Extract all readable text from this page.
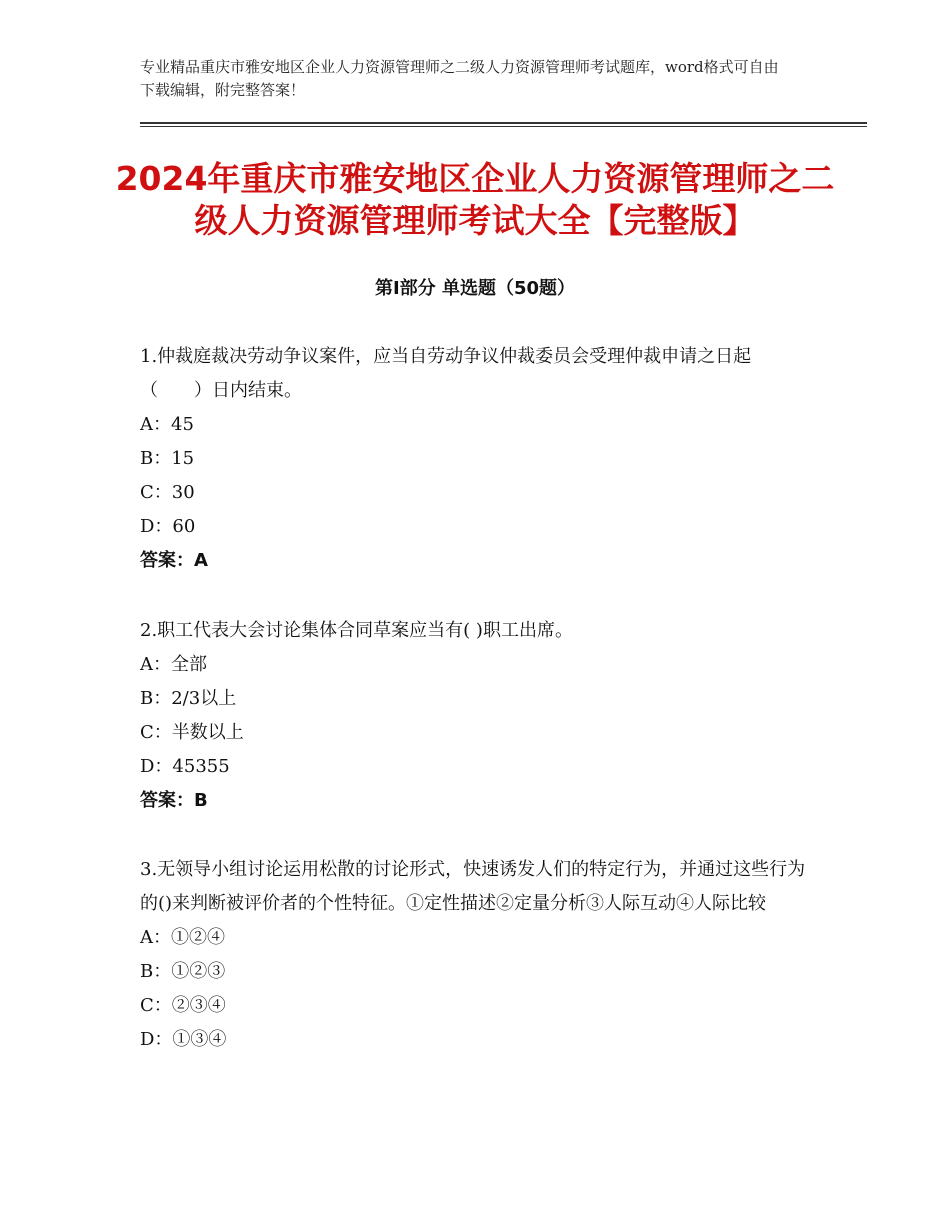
专业精品重庆市雅安地区企业人力资源管理师之二级人力资源管理师考试题库，word格式可自由下载编辑，附完整答案！
2024年重庆市雅安地区企业人力资源管理师之二级人力资源管理师考试大全【完整版】
第Ⅰ部分 单选题（50题）

1.仲裁庭裁决劳动争议案件，应当自劳动争议仲裁委员会受理仲裁申请之日起（　　）日内结束。

A：45

B：15

C：30

D：60

答案：A

2.职工代表大会讨论集体合同草案应当有( )职工出席。

A：全部

B：2/3以上

C：半数以上

D：45355

答案：B

3.无领导小组讨论运用松散的讨论形式，快速诱发人们的特定行为，并通过这些行为的()来判断被评价者的个性特征。①定性描述②定量分析③人际互动④人际比较

A：①②④

B：①②③

C：②③④

D：①③④
